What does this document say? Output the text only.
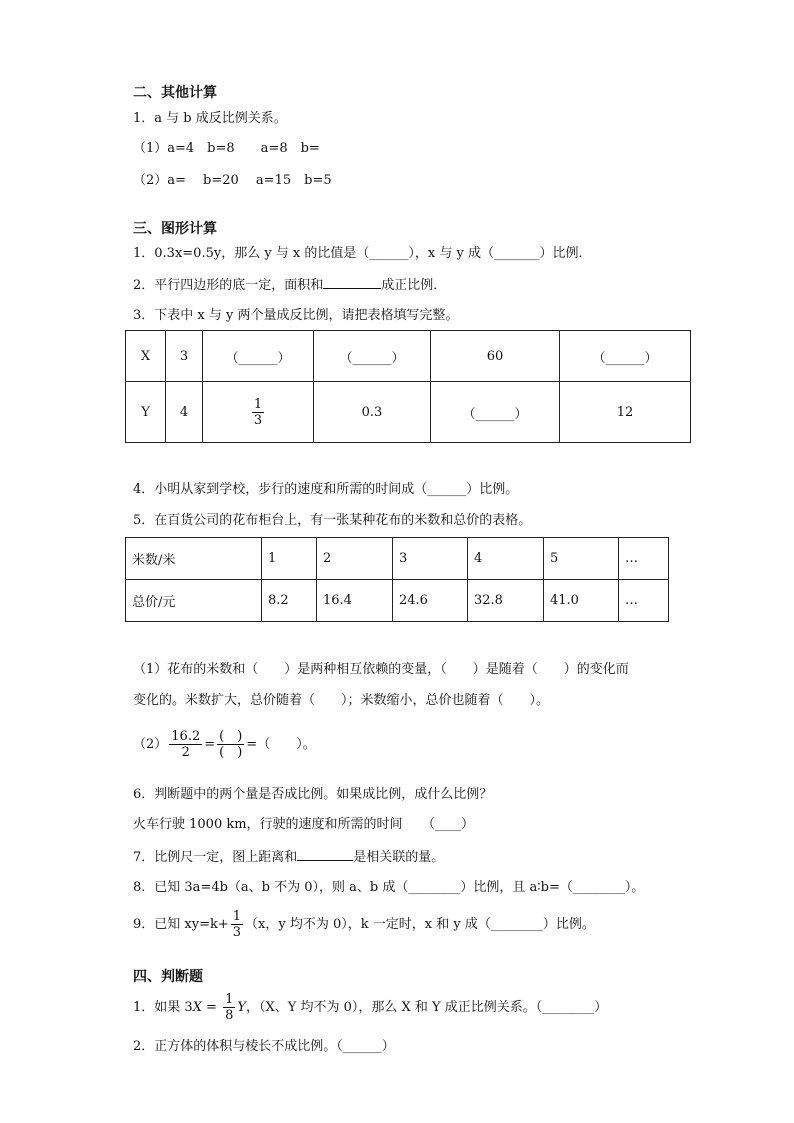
二、其他计算
1．a 与 b 成反比例关系。
（1）a=4　b=8　　a=8　b=
（2）a=　 b=20　 a=15　b=5
三、图形计算
1．0.3x=0.5y，那么 y 与 x 的比值是（______），x 与 y 成（_______）比例．
2．平行四边形的底一定，面积和	成正比例．
3．下表中 x 与 y 两个量成反比例，请把表格填写完整。
X	3	（______）	（______）	60	（______）
Y	4	$\frac{1}{3}$	0.3	（______）	12
4．小明从家到学校，步行的速度和所需的时间成（______）比例。
5．在百货公司的花布柜台上，有一张某种花布的米数和总价的表格。
米数/米	1	2	3	4	5	…
总价/元	8.2	16.4	24.6	32.8	41.0	…
（1）花布的米数和（　　）是两种相互依赖的变量，（　　）是随着（　　）的变化而
变化的。米数扩大，总价随着（　　）；米数缩小，总价也随着（　　）。
$(2) \frac{16.2}{2} = \frac{( )}{( )}$ =（　　）。
6．判断题中的两个量是否成比例。如果成比例，成什么比例？
火车行驶 1000 km，行驶的速度和所需的时间　　（____）
7．比例尺一定，图上距离和	是相关联的量。
8．已知 3a=4b（a、b 不为 0），则 a、b 成（________）比例，且 a∶b=（________）。
9．已知 $xy=k+ \frac{1}{3} (x$，y 均不为 0），k 一定时，x 和 y 成（________）比例。
四、判断题
1．如果 $3X = \frac{1}{8}$ Y，（X、Y 均不为 0），那么 X 和 Y 成正比例关系。（________）
2．正方体的体积与棱长不成比例。（______）
